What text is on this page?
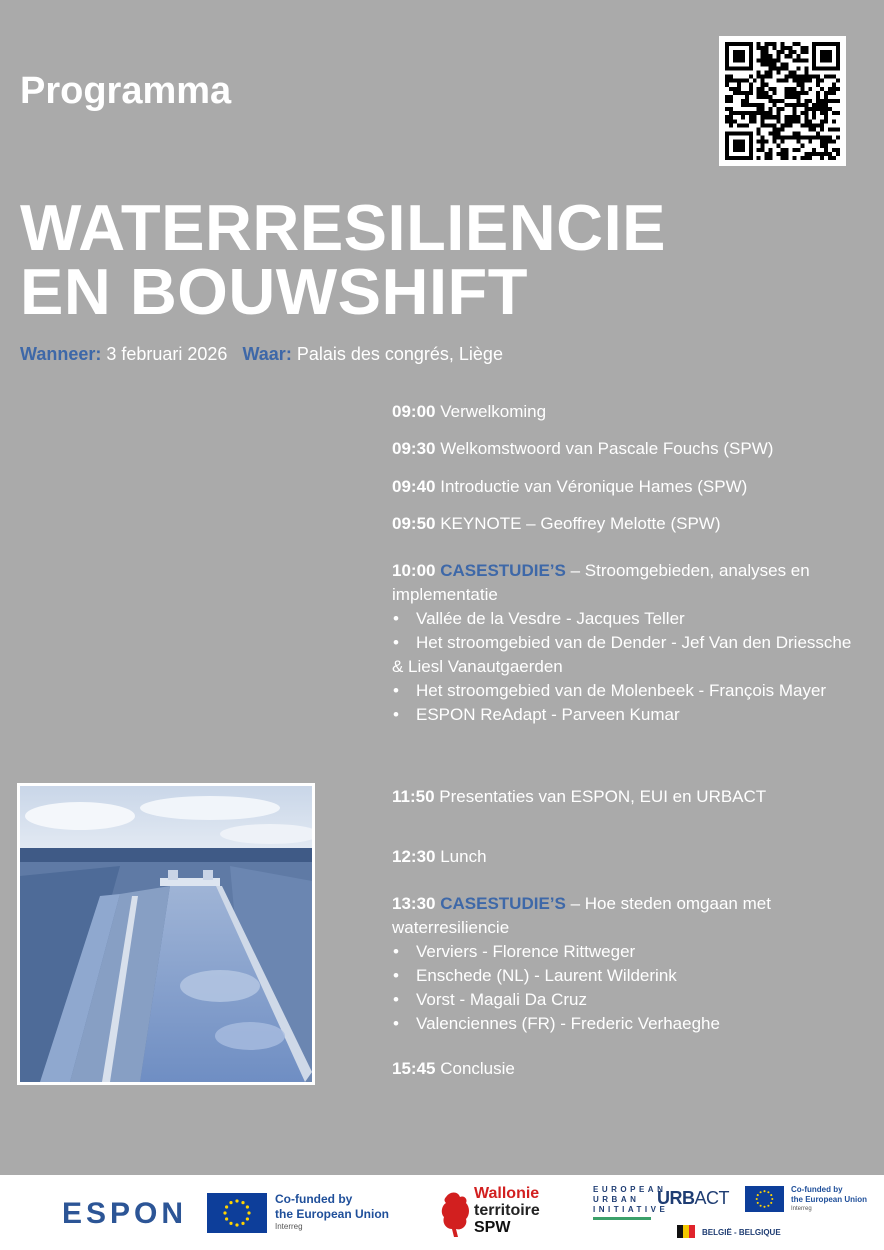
Programma
WATERRESILIENCIE
EN BOUWSHIFT
Wanneer: 3 februari 2026 Waar: Palais des congrés, Liège
09:00 Verwelkoming
09:30 Welkomstwoord van Pascale Fouchs (SPW)
09:40 Introductie van Véronique Hames (SPW)
09:50 KEYNOTE – Geoffrey Melotte (SPW)
10:00 CASESTUDIE’S – Stroomgebieden, analyses en implementatie
• Vallée de la Vesdre - Jacques Teller
• Het stroomgebied van de Dender - Jef Van den Driessche & Liesl Vanautgaerden
• Het stroomgebied van de Molenbeek - François Mayer
• ESPON ReAdapt - Parveen Kumar
11:50 Presentaties van ESPON, EUI en URBACT
12:30 Lunch
13:30 CASESTUDIE’S – Hoe steden omgaan met waterresiliencie
• Verviers - Florence Rittweger
• Enschede (NL) - Laurent Wilderink
• Vorst - Magali Da Cruz
• Valenciennes (FR) - Frederic Verhaeghe
15:45 Conclusie
ESPON	Co-funded by
the European Union
Interreg
Wallonie
territoire
SPW
EUROPEAN
URBAN
INITIATIVE
URBACT	Co-funded by
the European Union
Interreg
BELGIË - BELGIQUE
